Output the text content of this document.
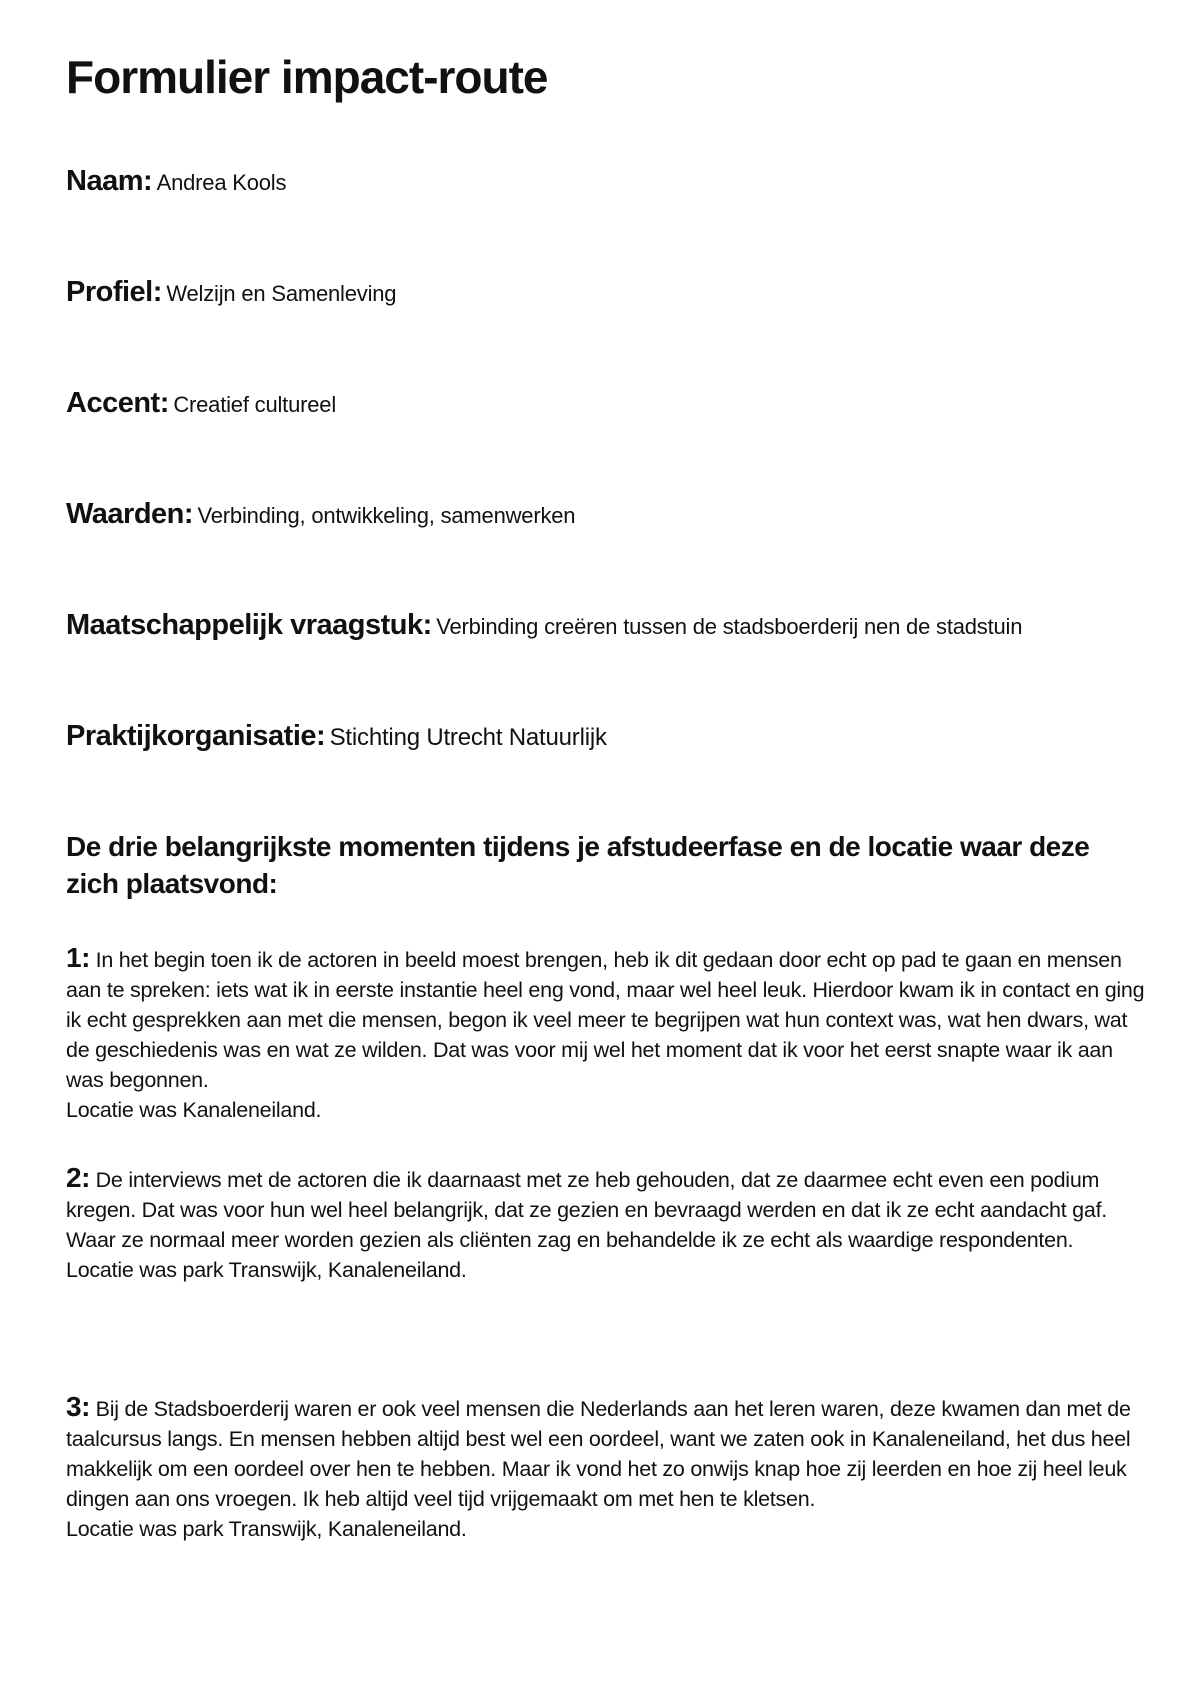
Formulier impact-route

Naam: Andrea Kools

Profiel: Welzijn en Samenleving

Accent: Creatief cultureel

Waarden: Verbinding, ontwikkeling, samenwerken

Maatschappelijk vraagstuk: Verbinding creëren tussen de stadsboerderij nen de stadstuin

Praktijkorganisatie: Stichting Utrecht Natuurlijk

De drie belangrijkste momenten tijdens je afstudeerfase en de locatie waar deze zich plaatsvond:

1: In het begin toen ik de actoren in beeld moest brengen, heb ik dit gedaan door echt op pad te gaan en mensen aan te spreken: iets wat ik in eerste instantie heel eng vond, maar wel heel leuk. Hierdoor kwam ik in contact en ging ik echt gesprekken aan met die mensen, begon ik veel meer te begrijpen wat hun context was, wat hen dwars, wat de geschiedenis was en wat ze wilden. Dat was voor mij wel het moment dat ik voor het eerst snapte waar ik aan was begonnen.
Locatie was Kanaleneiland.

2: De interviews met de actoren die ik daarnaast met ze heb gehouden, dat ze daarmee echt even een podium kregen. Dat was voor hun wel heel belangrijk, dat ze gezien en bevraagd werden en dat ik ze echt aandacht gaf. Waar ze normaal meer worden gezien als cliënten zag en behandelde ik ze echt als waardige respondenten.
Locatie was park Transwijk, Kanaleneiland.

3: Bij de Stadsboerderij waren er ook veel mensen die Nederlands aan het leren waren, deze kwamen dan met de taalcursus langs. En mensen hebben altijd best wel een oordeel, want we zaten ook in Kanaleneiland, het dus heel makkelijk om een oordeel over hen te hebben. Maar ik vond het zo onwijs knap hoe zij leerden en hoe zij heel leuk dingen aan ons vroegen. Ik heb altijd veel tijd vrijgemaakt om met hen te kletsen.
Locatie was park Transwijk, Kanaleneiland.
